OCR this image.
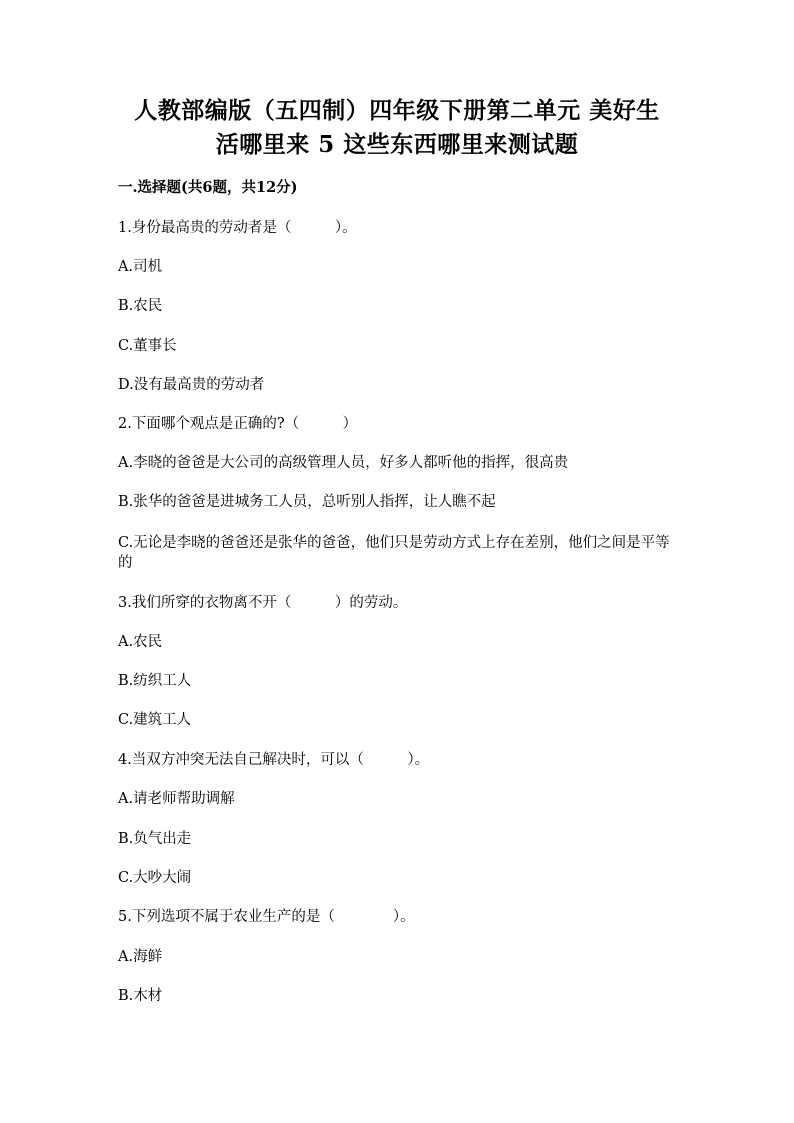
人教部编版（五四制）四年级下册第二单元 美好生
活哪里来 5 这些东西哪里来测试题
一.选择题(共6题，共12分)
1.身份最高贵的劳动者是（　　　）。
A.司机
B.农民
C.董事长
D.没有最高贵的劳动者
2.下面哪个观点是正确的?（　　　）
A.李晓的爸爸是大公司的高级管理人员，好多人都听他的指挥，很高贵
B.张华的爸爸是进城务工人员，总听别人指挥，让人瞧不起
C.无论是李晓的爸爸还是张华的爸爸，他们只是劳动方式上存在差别，他们之间是平等的
3.我们所穿的衣物离不开（　　　）的劳动。
A.农民
B.纺织工人
C.建筑工人
4.当双方冲突无法自己解决时，可以（　　　）。
A.请老师帮助调解
B.负气出走
C.大吵大闹
5.下列选项不属于农业生产的是（　　　　）。
A.海鲜
B.木材
